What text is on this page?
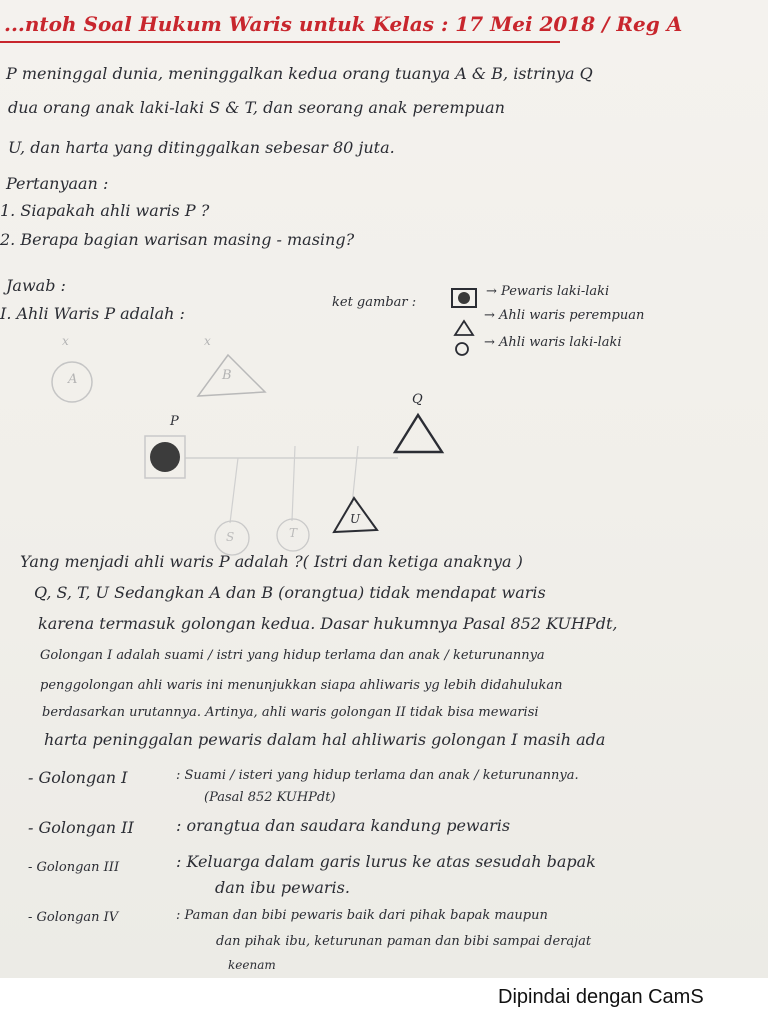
...ntoh Soal Hukum Waris untuk Kelas : 17 Mei 2018 / Reg A
P meninggal dunia, meninggalkan kedua orang tuanya A & B, istrinya Q
dua orang anak laki-laki S & T, dan seorang anak perempuan
U, dan harta yang ditinggalkan sebesar 80 juta.
Pertanyaan :
1. Siapakah ahli waris P ?
2. Berapa bagian warisan masing - masing?
Jawab :
I. Ahli Waris P adalah :
ket gambar :
→ Pewaris laki-laki
→ Ahli waris perempuan
→ Ahli waris laki-laki
A	B
x	x
P
Q
S	T
U
Yang menjadi ahli waris P adalah ?( Istri dan ketiga anaknya )
Q, S, T, U Sedangkan A dan B (orangtua) tidak mendapat waris
karena termasuk golongan kedua. Dasar hukumnya Pasal 852 KUHPdt,
Golongan I adalah suami / istri yang hidup terlama dan anak / keturunannya
penggolongan ahli waris ini menunjukkan siapa ahliwaris yg lebih didahulukan
berdasarkan urutannya. Artinya, ahli waris golongan II tidak bisa mewarisi
harta peninggalan pewaris dalam hal ahliwaris golongan I masih ada
- Golongan I	: Suami / isteri yang hidup terlama dan anak / keturunannya.
(Pasal 852 KUHPdt)
- Golongan II	: orangtua dan saudara kandung pewaris
- Golongan III	: Keluarga dalam garis lurus ke atas sesudah bapak
dan ibu pewaris.
- Golongan IV	: Paman dan bibi pewaris baik dari pihak bapak maupun
dan pihak ibu, keturunan paman dan bibi sampai derajat
keenam
Dipindai dengan CamS
